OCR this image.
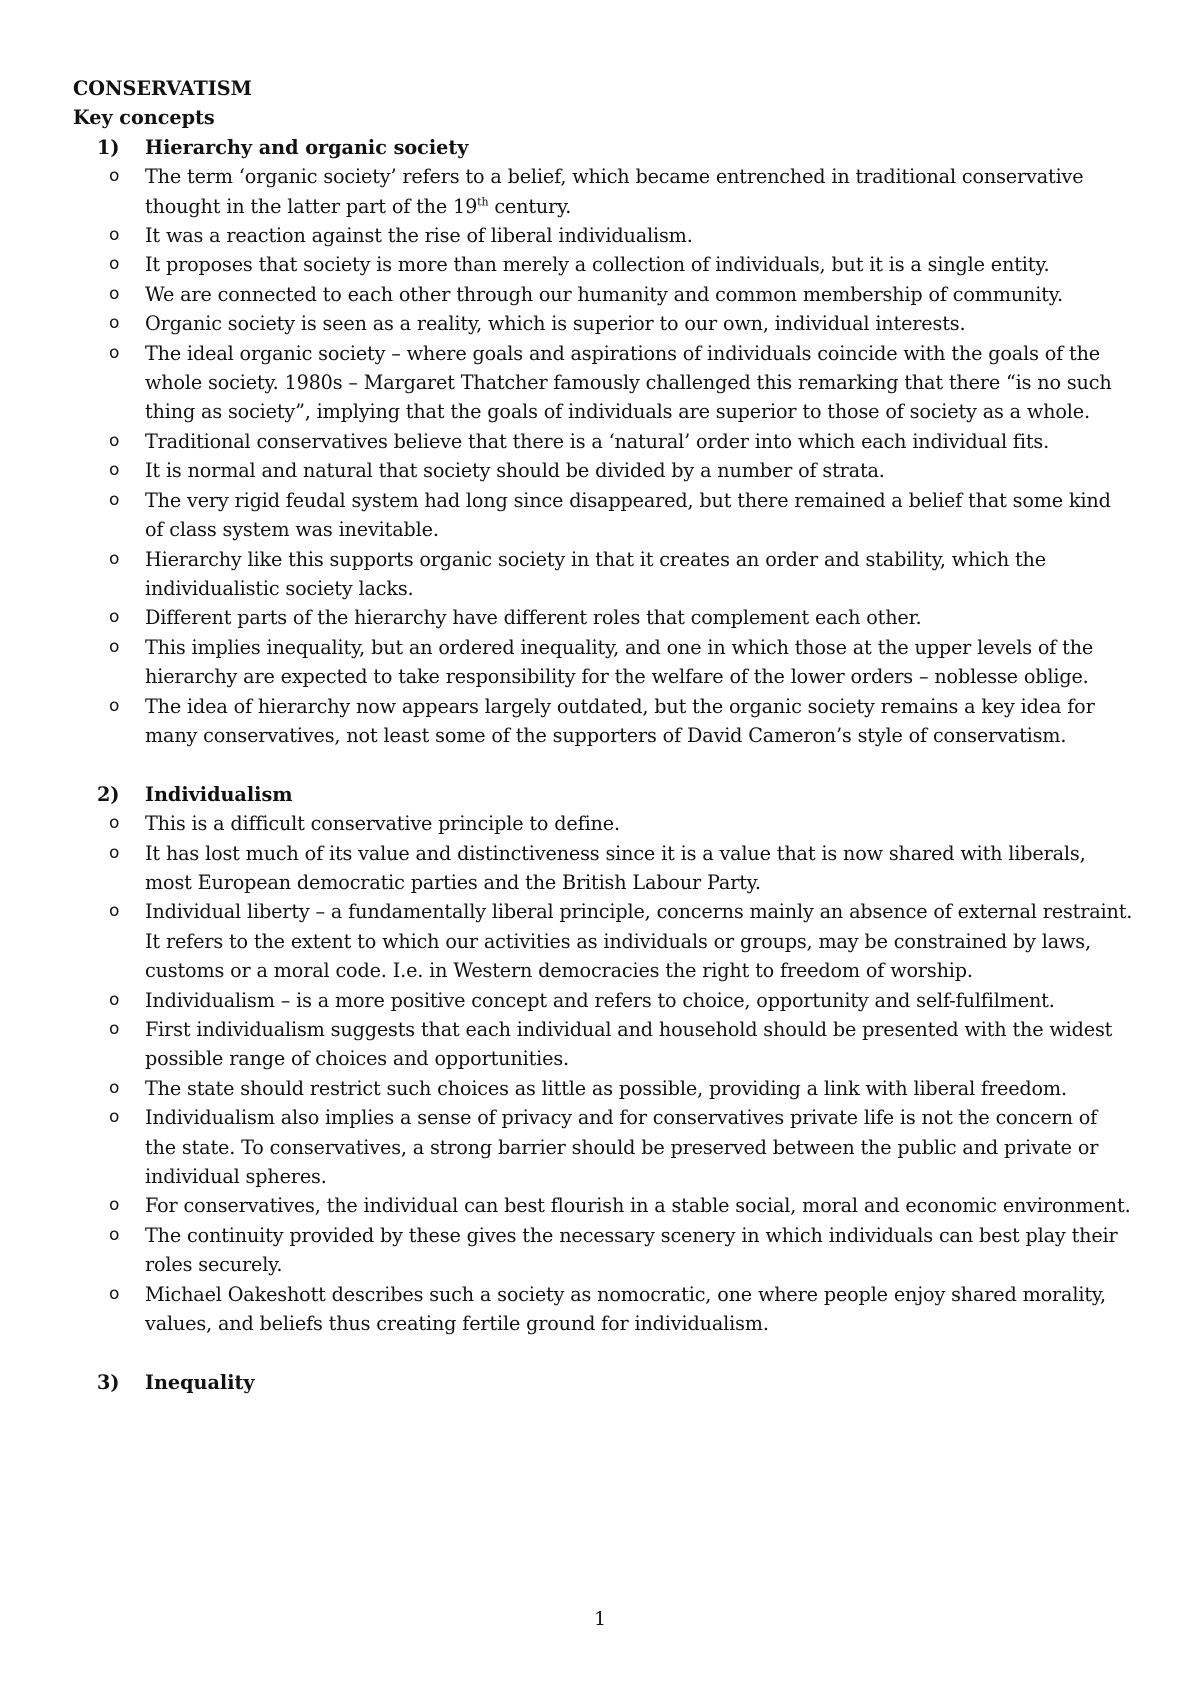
CONSERVATISM

Key concepts

1)	Hierarchy and organic society
o The term ‘organic society’ refers to a belief, which became entrenched in traditional conservative thought in the latter part of the 19th century.
o It was a reaction against the rise of liberal individualism.
o It proposes that society is more than merely a collection of individuals, but it is a single entity.
o We are connected to each other through our humanity and common membership of community.
o Organic society is seen as a reality, which is superior to our own, individual interests.
o The ideal organic society – where goals and aspirations of individuals coincide with the goals of the whole society. 1980s – Margaret Thatcher famously challenged this remarking that there “is no such thing as society”, implying that the goals of individuals are superior to those of society as a whole.
o Traditional conservatives believe that there is a ‘natural’ order into which each individual fits.
o It is normal and natural that society should be divided by a number of strata.
o The very rigid feudal system had long since disappeared, but there remained a belief that some kind of class system was inevitable.
o Hierarchy like this supports organic society in that it creates an order and stability, which the individualistic society lacks.
o Different parts of the hierarchy have different roles that complement each other.
o This implies inequality, but an ordered inequality, and one in which those at the upper levels of the hierarchy are expected to take responsibility for the welfare of the lower orders – noblesse oblige.
o The idea of hierarchy now appears largely outdated, but the organic society remains a key idea for many conservatives, not least some of the supporters of David Cameron’s style of conservatism.
2)	Individualism
o This is a difficult conservative principle to define.
o It has lost much of its value and distinctiveness since it is a value that is now shared with liberals, most European democratic parties and the British Labour Party.
o Individual liberty – a fundamentally liberal principle, concerns mainly an absence of external restraint. It refers to the extent to which our activities as individuals or groups, may be constrained by laws, customs or a moral code. I.e. in Western democracies the right to freedom of worship.
o Individualism – is a more positive concept and refers to choice, opportunity and self-fulfilment.
o First individualism suggests that each individual and household should be presented with the widest possible range of choices and opportunities.
o The state should restrict such choices as little as possible, providing a link with liberal freedom.
o Individualism also implies a sense of privacy and for conservatives private life is not the concern of the state. To conservatives, a strong barrier should be preserved between the public and private or individual spheres.
o For conservatives, the individual can best flourish in a stable social, moral and economic environment.
o The continuity provided by these gives the necessary scenery in which individuals can best play their roles securely.
o Michael Oakeshott describes such a society as nomocratic, one where people enjoy shared morality, values, and beliefs thus creating fertile ground for individualism.
3)	Inequality
1
